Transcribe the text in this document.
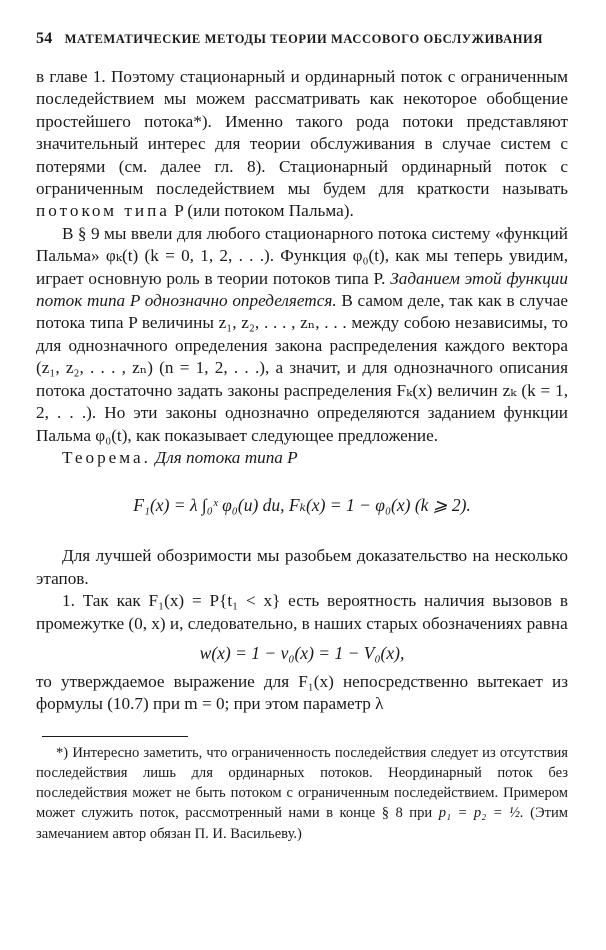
54 МАТЕМАТИЧЕСКИЕ МЕТОДЫ ТЕОРИИ МАССОВОГО ОБСЛУЖИВАНИЯ

в главе 1. Поэтому стационарный и ординарный поток с ограниченным последействием мы можем рассматривать как некоторое обобщение простейшего потока*). Именно такого рода потоки представляют значительный интерес для теории обслуживания в случае систем с потерями (см. далее гл. 8). Стационарный ординарный поток с ограниченным последействием мы будем для краткости называть потоком типа P (или потоком Пальма).

В § 9 мы ввели для любого стационарного потока систему «функций Пальма» φₖ(t) (k = 0, 1, 2, . . .). Функция φ₀(t), как мы теперь увидим, играет основную роль в теории потоков типа P. Заданием этой функции поток типа P однозначно определяется. В самом деле, так как в случае потока типа P величины z₁, z₂, . . . , zₙ, . . . между собою независимы, то для однозначного определения закона распределения каждого вектора (z₁, z₂, . . . , zₙ) (n = 1, 2, . . .), а значит, и для однозначного описания потока достаточно задать законы распределения Fₖ(x) величин zₖ (k = 1, 2, . . .). Но эти законы однозначно определяются заданием функции Пальма φ₀(t), как показывает следующее предложение.

Теорема. Для потока типа P

F₁(x) = λ ∫₀ˣ φ₀(u) du, Fₖ(x) = 1 − φ₀(x) (k ⩾ 2).

Для лучшей обозримости мы разобьем доказательство на несколько этапов.

1. Так как F₁(x) = P{t₁ < x} есть вероятность наличия вызовов в промежутке (0, x) и, следовательно, в наших старых обозначениях равна

w(x) = 1 − v₀(x) = 1 − V₀(x),

то утверждаемое выражение для F₁(x) непосредственно вытекает из формулы (10.7) при m = 0; при этом параметр λ

*) Интересно заметить, что ограниченность последействия следует из отсутствия последействия лишь для ординарных потоков. Неординарный поток без последействия может не быть потоком с ограниченным последействием. Примером может служить поток, рассмотренный нами в конце § 8 при p₁ = p₂ = ½. (Этим замечанием автор обязан П. И. Васильеву.)
